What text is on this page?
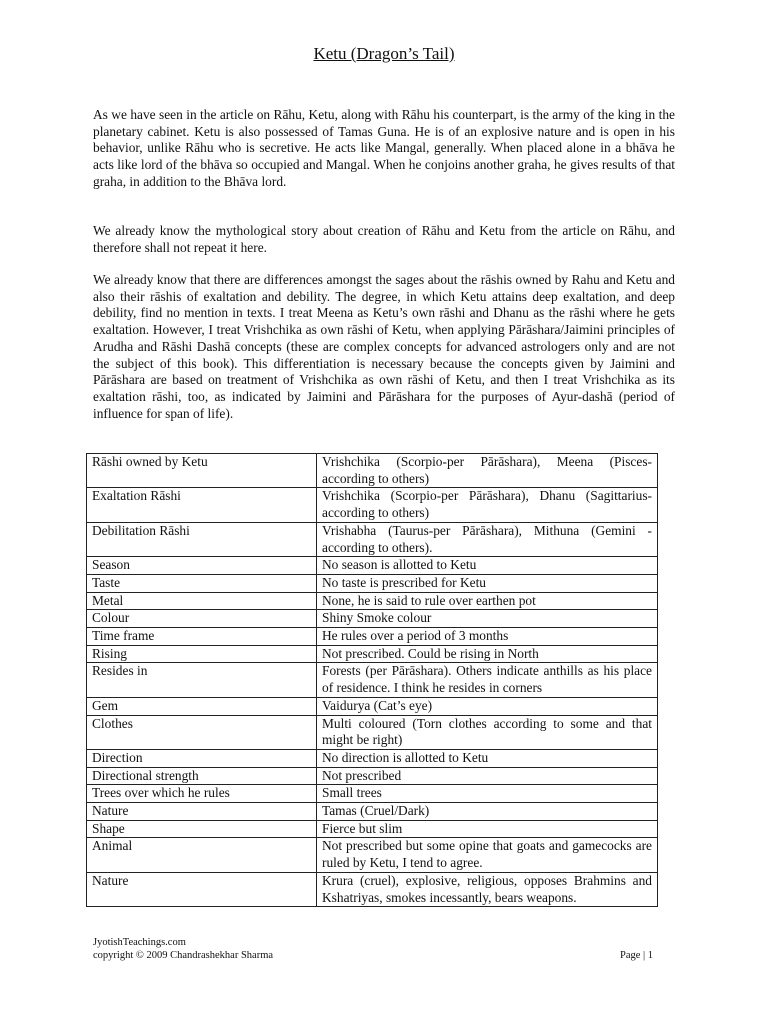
Ketu (Dragon’s Tail)

As we have seen in the article on Rāhu, Ketu, along with Rāhu his counterpart, is the army of the king in the planetary cabinet. Ketu is also possessed of Tamas Guna. He is of an explosive nature and is open in his behavior, unlike Rāhu who is secretive. He acts like Mangal, generally. When placed alone in a bhāva he acts like lord of the bhāva so occupied and Mangal. When he conjoins another graha, he gives results of that graha, in addition to the Bhāva lord.

We already know the mythological story about creation of Rāhu and Ketu from the article on Rāhu, and therefore shall not repeat it here.

We already know that there are differences amongst the sages about the rāshis owned by Rahu and Ketu and also their rāshis of exaltation and debility. The degree, in which Ketu attains deep exaltation, and deep debility, find no mention in texts. I treat Meena as Ketu’s own rāshi and Dhanu as the rāshi where he gets exaltation. However, I treat Vrishchika as own rāshi of Ketu, when applying Pārāshara/Jaimini principles of Arudha and Rāshi Dashā concepts (these are complex concepts for advanced astrologers only and are not the subject of this book). This differentiation is necessary because the concepts given by Jaimini and Pārāshara are based on treatment of Vrishchika as own rāshi of Ketu, and then I treat Vrishchika as its exaltation rāshi, too, as indicated by Jaimini and Pārāshara for the purposes of Ayur-dashā (period of influence for span of life).

Rāshi owned by Ketu	Vrishchika (Scorpio-per Pārāshara), Meena (Pisces-according to others)
Exaltation Rāshi	Vrishchika (Scorpio-per Pārāshara), Dhanu (Sagittarius-according to others)
Debilitation Rāshi	Vrishabha (Taurus-per Pārāshara), Mithuna (Gemini - according to others).
Season	No season is allotted to Ketu
Taste	No taste is prescribed for Ketu
Metal	None, he is said to rule over earthen pot
Colour	Shiny Smoke colour
Time frame	He rules over a period of 3 months
Rising	Not prescribed. Could be rising in North
Resides in	Forests (per Pārāshara). Others indicate anthills as his place of residence. I think he resides in corners
Gem	Vaidurya (Cat’s eye)
Clothes	Multi coloured (Torn clothes according to some and that might be right)
Direction	No direction is allotted to Ketu
Directional strength	Not prescribed
Trees over which he rules	Small trees
Nature	Tamas (Cruel/Dark)
Shape	Fierce but slim
Animal	Not prescribed but some opine that goats and gamecocks are ruled by Ketu, I tend to agree.
Nature	Krura (cruel), explosive, religious, opposes Brahmins and Kshatriyas, smokes incessantly, bears weapons.
JyotishTeachings.com
copyright © 2009 Chandrashekhar Sharma	Page | 1
